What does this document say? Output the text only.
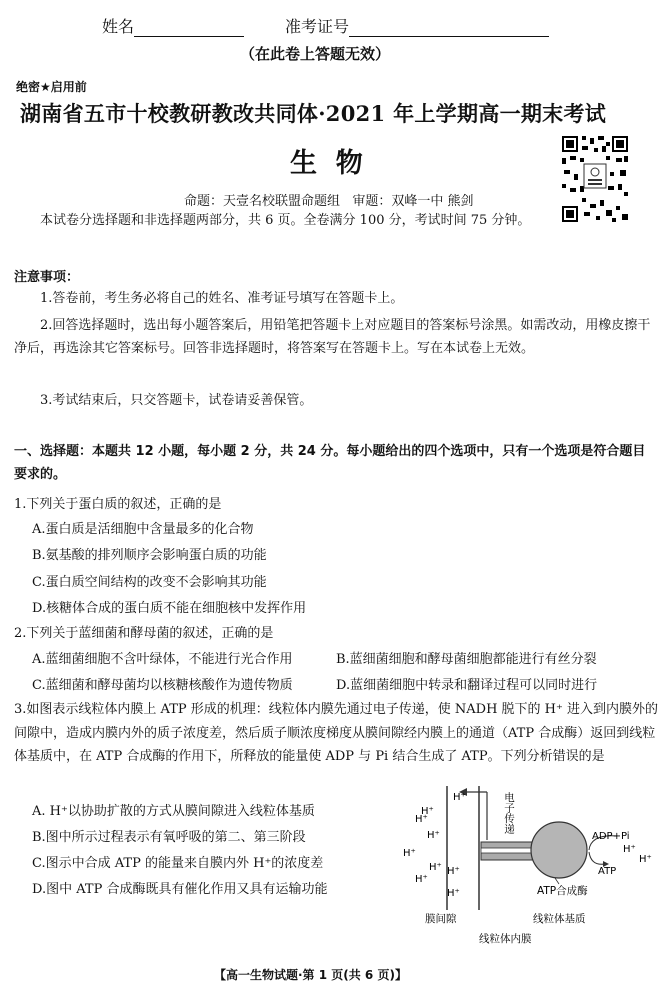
姓名	准考证号
（在此卷上答题无效）
绝密★启用前
湖南省五市十校教研教改共同体·2021 年上学期高一期末考试
生  物
命题：天壹名校联盟命题组   审题：双峰一中 熊剑
本试卷分选择题和非选择题两部分，共 6 页。全卷满分 100 分，考试时间 75 分钟。
注意事项：
1.答卷前，考生务必将自己的姓名、准考证号填写在答题卡上。
2.回答选择题时，选出每小题答案后，用铅笔把答题卡上对应题目的答案标号涂黑。如需改动，用橡皮擦干净后，再选涂其它答案标号。回答非选择题时，将答案写在答题卡上。写在本试卷上无效。
3.考试结束后，只交答题卡，试卷请妥善保管。
一、选择题：本题共 12 小题，每小题 2 分，共 24 分。每小题给出的四个选项中，只有一个选项是符合题目要求的。
1.下列关于蛋白质的叙述，正确的是
A.蛋白质是活细胞中含量最多的化合物
B.氨基酸的排列顺序会影响蛋白质的功能
C.蛋白质空间结构的改变不会影响其功能
D.核糖体合成的蛋白质不能在细胞核中发挥作用
2.下列关于蓝细菌和酵母菌的叙述，正确的是
A.蓝细菌细胞不含叶绿体，不能进行光合作用	B.蓝细菌细胞和酵母菌细胞都能进行有丝分裂
C.蓝细菌和酵母菌均以核糖核酸作为遗传物质	D.蓝细菌细胞中转录和翻译过程可以同时进行
3.如图表示线粒体内膜上 ATP 形成的机理：线粒体内膜先通过电子传递，使 NADH 脱下的 H⁺ 进入到内膜外的间隙中，造成内膜内外的质子浓度差，然后质子顺浓度梯度从膜间隙经内膜上的通道（ATP 合成酶）返回到线粒体基质中，在 ATP 合成酶的作用下，所释放的能量使 ADP 与 Pi 结合生成了 ATP。下列分析错误的是
A. H⁺以协助扩散的方式从膜间隙进入线粒体基质
B.图中所示过程表示有氧呼吸的第二、第三阶段
C.图示中合成 ATP 的能量来自膜内外 H⁺的浓度差
D.图中 ATP 合成酶既具有催化作用又具有运输功能
电子传递
H⁺
ADP+Pi
ATP
H⁺
H⁺
H⁺
H⁺
H⁺
H⁺
H⁺
H⁺
H⁺
H⁺
ATP合成酶
膜间隙	线粒体基质
线粒体内膜
【高一生物试题·第 1 页(共 6 页)】
